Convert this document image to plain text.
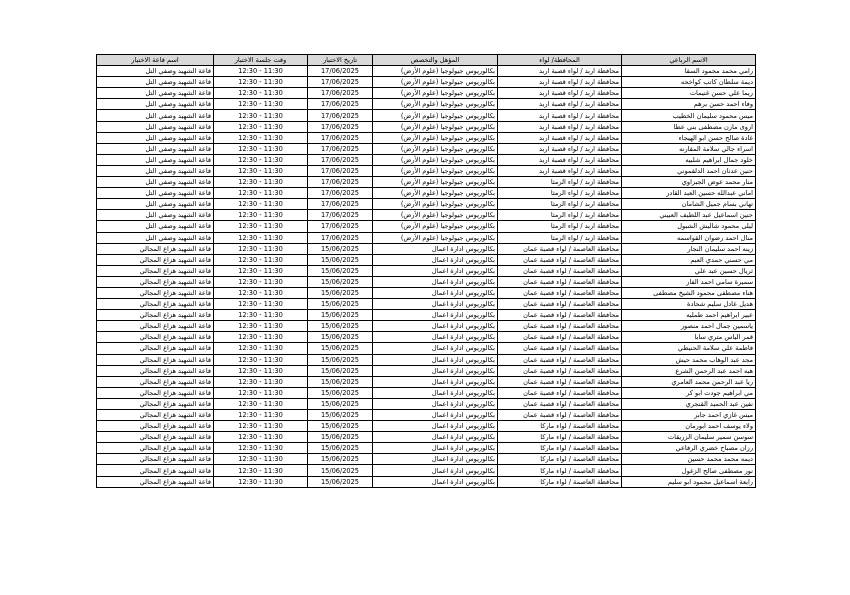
الاسم الرباعي	المحافظة/ لواء	المؤهل والتخصص	تاريخ الاختبار	وقت جلسة الاختبار	اسم قاعة الاختبار
رامي محمد محمود السقا	محافظة اربد / لواء قصبة اربد	بكالوريوس جيولوجيا (علوم الأرض)	17/06/2025	11:30 - 12:30	قاعة الشهيد وصفي التل
ديمة سلطان كاتب كواخحه	محافظة اربد / لواء قصبة اربد	بكالوريوس جيولوجيا (علوم الأرض)	17/06/2025	11:30 - 12:30	قاعة الشهيد وصفي التل
ريما علي حسن غنيمات	محافظة اربد / لواء قصبة اربد	بكالوريوس جيولوجيا (علوم الأرض)	17/06/2025	11:30 - 12:30	قاعة الشهيد وصفي التل
وفاء احمد حسن برهم	محافظة اربد / لواء قصبة اربد	بكالوريوس جيولوجيا (علوم الأرض)	17/06/2025	11:30 - 12:30	قاعة الشهيد وصفي التل
ميس محمود سليمان الخطيب	محافظة اربد / لواء قصبة اربد	بكالوريوس جيولوجيا (علوم الأرض)	17/06/2025	11:30 - 12:30	قاعة الشهيد وصفي التل
اروى مازن مصطفى بني عطا	محافظة اربد / لواء قصبة اربد	بكالوريوس جيولوجيا (علوم الأرض)	17/06/2025	11:30 - 12:30	قاعة الشهيد وصفي التل
غادة صالح حسن ابو الهيجاء	محافظة اربد / لواء قصبة اربد	بكالوريوس جيولوجيا (علوم الأرض)	17/06/2025	11:30 - 12:30	قاعة الشهيد وصفي التل
اسراء جالي سلامة المقارنه	محافظة اربد / لواء قصبة اربد	بكالوريوس جيولوجيا (علوم الأرض)	17/06/2025	11:30 - 12:30	قاعة الشهيد وصفي التل
خلود جمال ابراهيم شلبيه	محافظة اربد / لواء قصبة اربد	بكالوريوس جيولوجيا (علوم الأرض)	17/06/2025	11:30 - 12:30	قاعة الشهيد وصفي التل
حنين عدنان احمد الدلقموني	محافظة اربد / لواء قصبة اربد	بكالوريوس جيولوجيا (علوم الأرض)	17/06/2025	11:30 - 12:30	قاعة الشهيد وصفي التل
منار محمد عوض الجبزاوي	محافظة اربد / لواء الرمثا	بكالوريوس جيولوجيا (علوم الأرض)	17/06/2025	11:30 - 12:30	قاعة الشهيد وصفي التل
اماني عبدالله حسين العبد القادر	محافظة اربد / لواء الرمثا	بكالوريوس جيولوجيا (علوم الأرض)	17/06/2025	11:30 - 12:30	قاعة الشهيد وصفي التل
تهاني بسام جميل الشامان	محافظة اربد / لواء الرمثا	بكالوريوس جيولوجيا (علوم الأرض)	17/06/2025	11:30 - 12:30	قاعة الشهيد وصفي التل
حنين اسماعيل عبد اللطيف العبيني	محافظة اربد / لواء الرمثا	بكالوريوس جيولوجيا (علوم الأرض)	17/06/2025	11:30 - 12:30	قاعة الشهيد وصفي التل
ليلى محمود شاليش الشبول	محافظة اربد / لواء الرمثا	بكالوريوس جيولوجيا (علوم الأرض)	17/06/2025	11:30 - 12:30	قاعة الشهيد وصفي التل
منال احمد رضوان القواسمه	محافظة اربد / لواء الرمثا	بكالوريوس جيولوجيا (علوم الأرض)	17/06/2025	11:30 - 12:30	قاعة الشهيد وصفي التل
زينه احمد سليمان النجار	محافظة العاصمة / لواء قصبة عمان	بكالوريوس ادارة اعمال	15/06/2025	11:30 - 12:30	قاعة الشهيد هزاع المجالي
مي حسني حمدي العبم	محافظة العاصمة / لواء قصبة عمان	بكالوريوس ادارة اعمال	15/06/2025	11:30 - 12:30	قاعة الشهيد هزاع المجالي
ثريال حسين عبد علي	محافظة العاصمة / لواء قصبة عمان	بكالوريوس ادارة اعمال	15/06/2025	11:30 - 12:30	قاعة الشهيد هزاع المجالي
سميرة سامي احمد الفار	محافظة العاصمة / لواء قصبة عمان	بكالوريوس ادارة اعمال	15/06/2025	11:30 - 12:30	قاعة الشهيد هزاع المجالي
هناء مصطفى محمود الشيخ مصطفى	محافظة العاصمة / لواء قصبة عمان	بكالوريوس ادارة اعمال	15/06/2025	11:30 - 12:30	قاعة الشهيد هزاع المجالي
هديل عادل سليم شحادة	محافظة العاصمة / لواء قصبة عمان	بكالوريوس ادارة اعمال	15/06/2025	11:30 - 12:30	قاعة الشهيد هزاع المجالي
عبير ابراهيم احمد طمليه	محافظة العاصمة / لواء قصبة عمان	بكالوريوس ادارة اعمال	15/06/2025	11:30 - 12:30	قاعة الشهيد هزاع المجالي
ياسمين جمال احمد منصور	محافظة العاصمة / لواء قصبة عمان	بكالوريوس ادارة اعمال	15/06/2025	11:30 - 12:30	قاعة الشهيد هزاع المجالي
قمر الياس متري سابا	محافظة العاصمة / لواء قصبة عمان	بكالوريوس ادارة اعمال	15/06/2025	11:30 - 12:30	قاعة الشهيد هزاع المجالي
فاطمة علي سلامة الحنيطي	محافظة العاصمة / لواء قصبة عمان	بكالوريوس ادارة اعمال	15/06/2025	11:30 - 12:30	قاعة الشهيد هزاع المجالي
مجد عبد الوهاب محمد حيش	محافظة العاصمة / لواء قصبة عمان	بكالوريوس ادارة اعمال	15/06/2025	11:30 - 12:30	قاعة الشهيد هزاع المجالي
هبه احمد عبد الرحمن الشرع	محافظة العاصمة / لواء قصبة عمان	بكالوريوس ادارة اعمال	15/06/2025	11:30 - 12:30	قاعة الشهيد هزاع المجالي
ريا عبد الرحمن محمد العامري	محافظة العاصمة / لواء قصبة عمان	بكالوريوس ادارة اعمال	15/06/2025	11:30 - 12:30	قاعة الشهيد هزاع المجالي
مي ابراهيم جودت ابو كر	محافظة العاصمة / لواء قصبة عمان	بكالوريوس ادارة اعمال	15/06/2025	11:30 - 12:30	قاعة الشهيد هزاع المجالي
نفين عبد الحميد القنجري	محافظة العاصمة / لواء قصبة عمان	بكالوريوس ادارة اعمال	15/06/2025	11:30 - 12:30	قاعة الشهيد هزاع المجالي
ميس غازي احمد جابر	محافظة العاصمة / لواء قصبة عمان	بكالوريوس ادارة اعمال	15/06/2025	11:30 - 12:30	قاعة الشهيد هزاع المجالي
ولاء يوسف احمد ابورمان	محافظة العاصمة / لواء ماركا	بكالوريوس ادارة اعمال	15/06/2025	11:30 - 12:30	قاعة الشهيد هزاع المجالي
سوسن سمير سليمان الزريقات	محافظة العاصمة / لواء ماركا	بكالوريوس ادارة اعمال	15/06/2025	11:30 - 12:30	قاعة الشهيد هزاع المجالي
رزان مصباح خضري الرفاعي	محافظة العاصمة / لواء ماركا	بكالوريوس ادارة اعمال	15/06/2025	11:30 - 12:30	قاعة الشهيد هزاع المجالي
ديمه محمد محمد حسين	محافظة العاصمة / لواء ماركا	بكالوريوس ادارة اعمال	15/06/2025	11:30 - 12:30	قاعة الشهيد هزاع المجالي
نور مصطفى صالح الزغول	محافظة العاصمة / لواء ماركا	بكالوريوس ادارة اعمال	15/06/2025	11:30 - 12:30	قاعة الشهيد هزاع المجالي
رابعة اسماعيل محمود ابو سليم	محافظة العاصمة / لواء ماركا	بكالوريوس ادارة اعمال	15/06/2025	11:30 - 12:30	قاعة الشهيد هزاع المجالي
